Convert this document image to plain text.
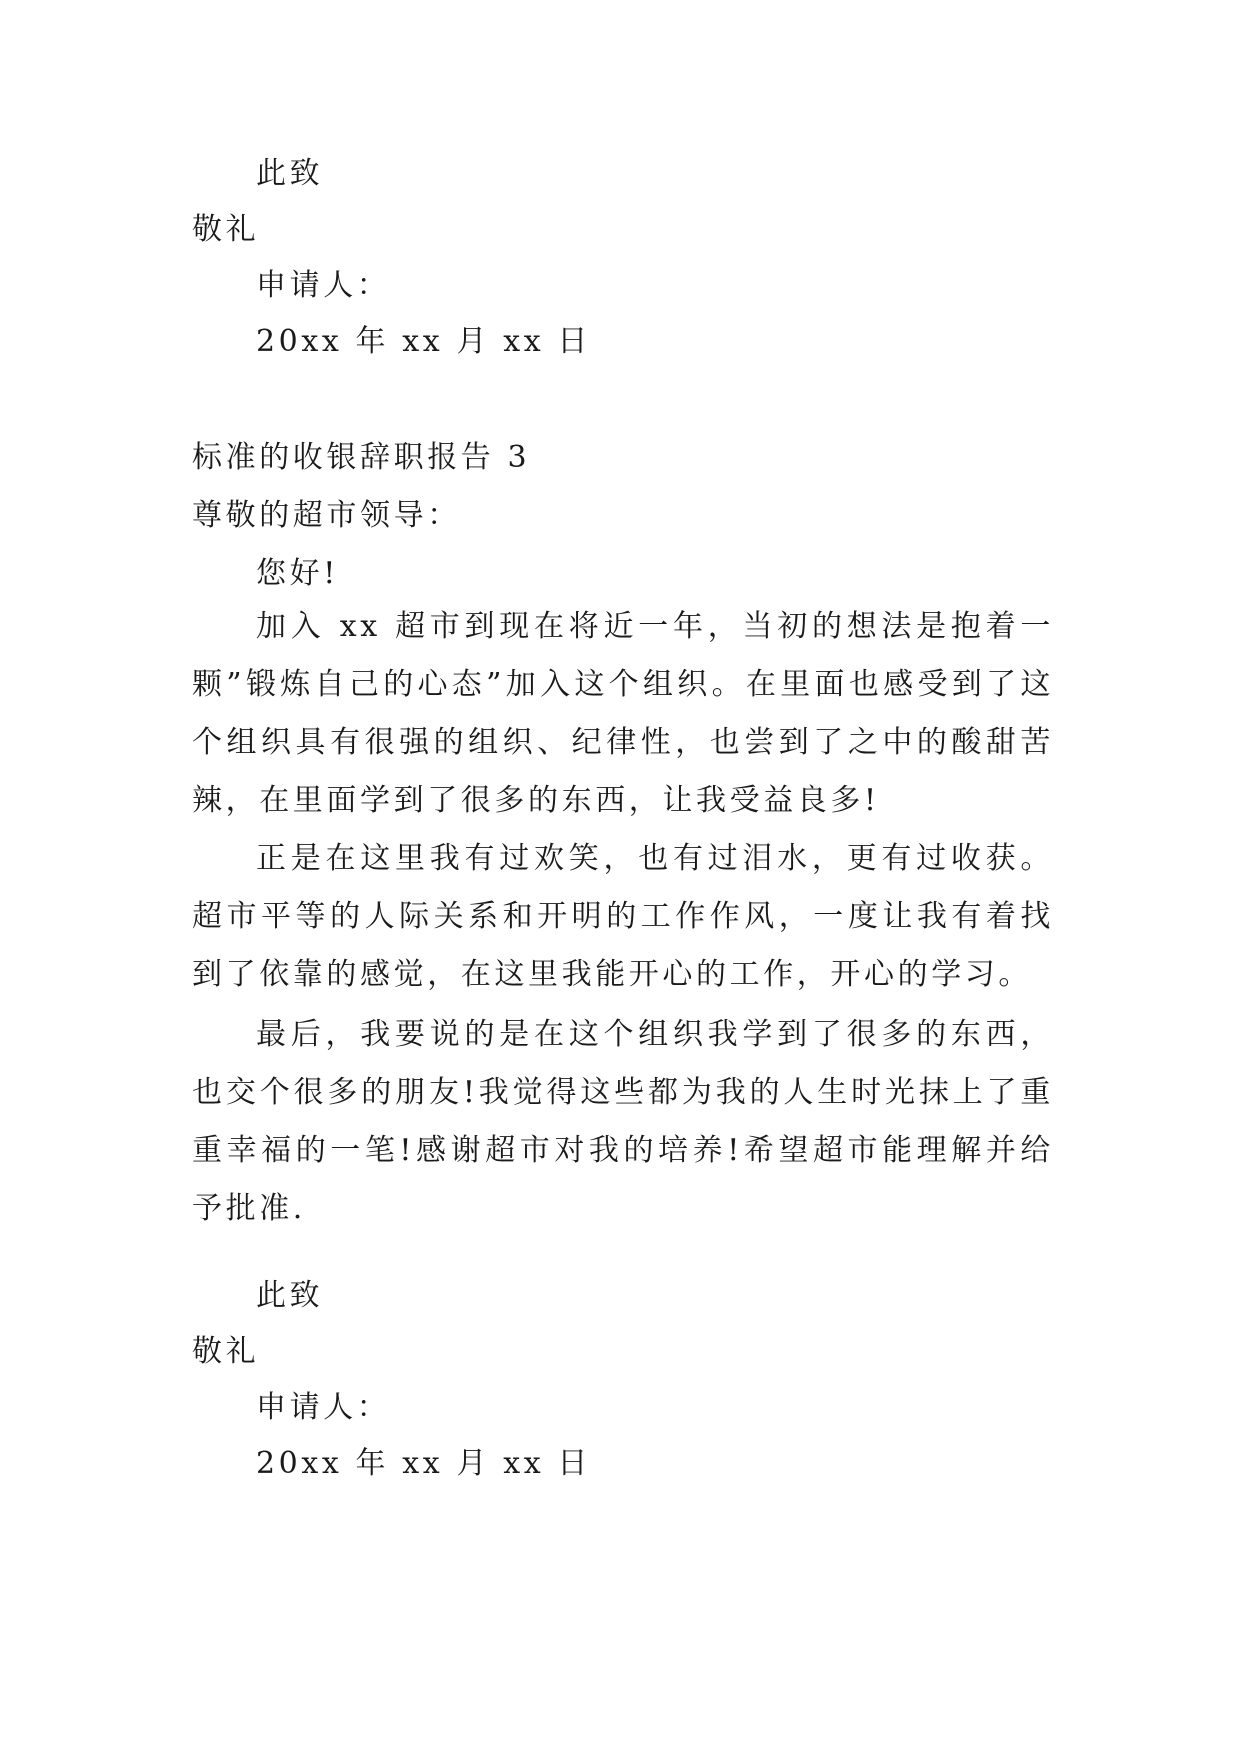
此致
敬礼
申请人：
20xx 年 xx 月 xx 日
标准的收银辞职报告 3
尊敬的超市领导：
您好!
加入 xx 超市到现在将近一年，当初的想法是抱着一颗”锻炼自己的心态”加入这个组织。在里面也感受到了这个组织具有很强的组织、纪律性，也尝到了之中的酸甜苦辣，在里面学到了很多的东西，让我受益良多!
正是在这里我有过欢笑，也有过泪水，更有过收获。超市平等的人际关系和开明的工作作风，一度让我有着找到了依靠的感觉，在这里我能开心的工作，开心的学习。
最后，我要说的是在这个组织我学到了很多的东西，也交个很多的朋友!我觉得这些都为我的人生时光抹上了重重幸福的一笔!感谢超市对我的培养!希望超市能理解并给予批准.
此致
敬礼
申请人：
20xx 年 xx 月 xx 日
